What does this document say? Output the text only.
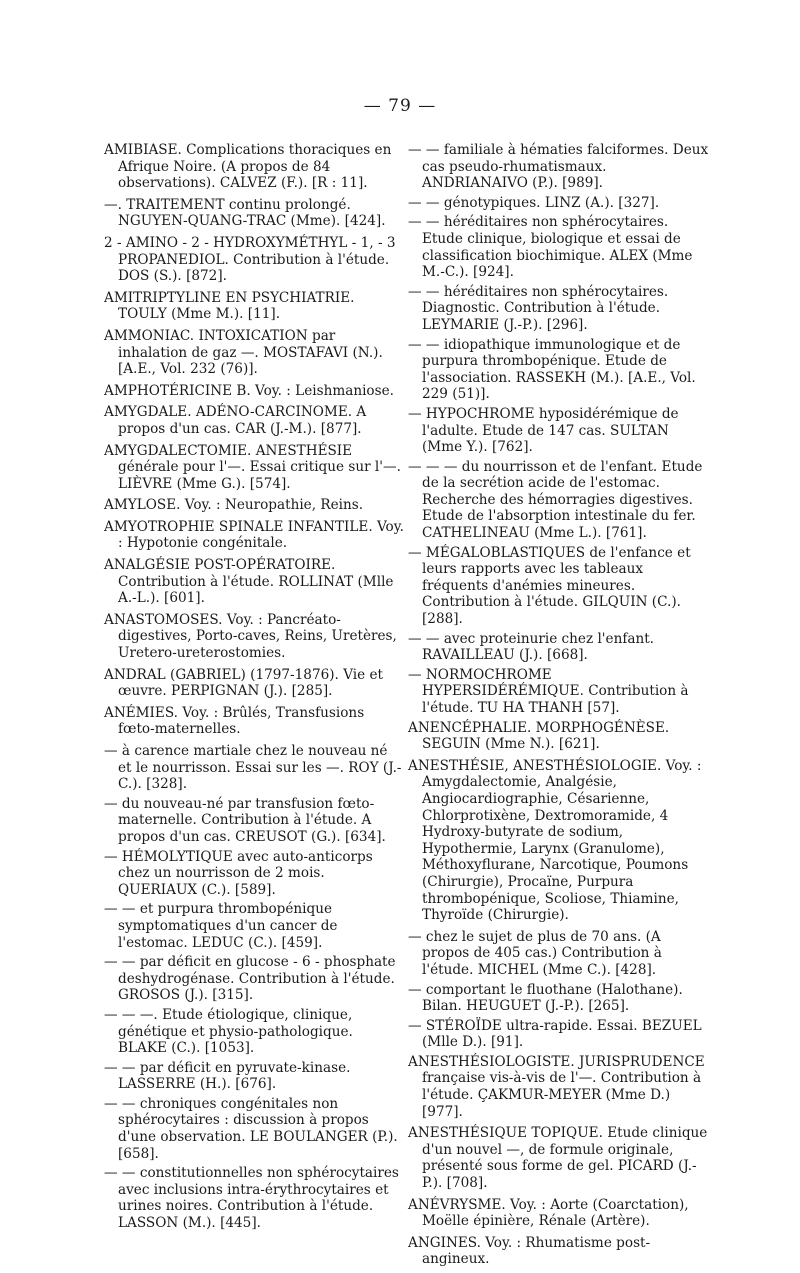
— 79 —

AMIBIASE. Complications thoraciques en Afrique Noire. (A propos de 84 observations). CALVEZ (F.). [R : 11].

—. TRAITEMENT continu prolongé. NGUYEN-QUANG-TRAC (Mme). [424].

2 - AMINO - 2 - HYDROXYMÉTHYL - 1, - 3 PROPANEDIOL. Contribution à l'étude. DOS (S.). [872].

AMITRIPTYLINE EN PSYCHIATRIE. TOULY (Mme M.). [11].

AMMONIAC. INTOXICATION par inhalation de gaz —. MOSTAFAVI (N.). [A.E., Vol. 232 (76)].

AMPHOTÉRICINE B. Voy. : Leishmaniose.

AMYGDALE. ADÉNO-CARCINOME. A propos d'un cas. CAR (J.-M.). [877].

AMYGDALECTOMIE. ANESTHÉSIE générale pour l'—. Essai critique sur l'—. LIÈVRE (Mme G.). [574].

AMYLOSE. Voy. : Neuropathie, Reins.

AMYOTROPHIE SPINALE INFANTILE. Voy. : Hypotonie congénitale.

ANALGÉSIE POST-OPÉRATOIRE. Contribution à l'étude. ROLLINAT (Mlle A.-L.). [601].

ANASTOMOSES. Voy. : Pancréato-digestives, Porto-caves, Reins, Uretères, Uretero-ureterostomies.

ANDRAL (GABRIEL) (1797-1876). Vie et œuvre. PERPIGNAN (J.). [285].

ANÉMIES. Voy. : Brûlés, Transfusions fœto-maternelles.

— à carence martiale chez le nouveau né et le nourrisson. Essai sur les —. ROY (J.-C.). [328].

— du nouveau-né par transfusion fœto-maternelle. Contribution à l'étude. A propos d'un cas. CREUSOT (G.). [634].

— HÉMOLYTIQUE avec auto-anticorps chez un nourrisson de 2 mois. QUERIAUX (C.). [589].

— — et purpura thrombopénique symptomatiques d'un cancer de l'estomac. LEDUC (C.). [459].

— — par déficit en glucose - 6 - phosphate deshydrogénase. Contribution à l'étude. GROSOS (J.). [315].

— — —. Etude étiologique, clinique, génétique et physio-pathologique. BLAKE (C.). [1053].

— — par déficit en pyruvate-kinase. LASSERRE (H.). [676].

— — chroniques congénitales non sphérocytaires : discussion à propos d'une observation. LE BOULANGER (P.). [658].

— — constitutionnelles non sphérocytaires avec inclusions intra-érythrocytaires et urines noires. Contribution à l'étude. LASSON (M.). [445].

— — familiale à hématies falciformes. Deux cas pseudo-rhumatismaux. ANDRIANAIVO (P.). [989].

— — génotypiques. LINZ (A.). [327].

— — héréditaires non sphérocytaires. Etude clinique, biologique et essai de classification biochimique. ALEX (Mme M.-C.). [924].

— — héréditaires non sphérocytaires. Diagnostic. Contribution à l'étude. LEYMARIE (J.-P.). [296].

— — idiopathique immunologique et de purpura thrombopénique. Etude de l'association. RASSEKH (M.). [A.E., Vol. 229 (51)].

— HYPOCHROME hyposidérémique de l'adulte. Etude de 147 cas. SULTAN (Mme Y.). [762].

— — — du nourrisson et de l'enfant. Etude de la secrétion acide de l'estomac. Recherche des hémorragies digestives. Etude de l'absorption intestinale du fer. CATHELINEAU (Mme L.). [761].

— MÉGALOBLASTIQUES de l'enfance et leurs rapports avec les tableaux fréquents d'anémies mineures. Contribution à l'étude. GILQUIN (C.). [288].

— — avec proteinurie chez l'enfant. RAVAILLEAU (J.). [668].

— NORMOCHROME HYPERSIDÉRÉMIQUE. Contribution à l'étude. TU HA THANH [57].

ANENCÉPHALIE. MORPHOGÉNÈSE. SEGUIN (Mme N.). [621].

ANESTHÉSIE, ANESTHÉSIOLOGIE. Voy. : Amygdalectomie, Analgésie, Angiocardiographie, Césarienne, Chlorprotixène, Dextromoramide, 4 Hydroxy-butyrate de sodium, Hypothermie, Larynx (Granulome), Méthoxyflurane, Narcotique, Poumons (Chirurgie), Procaïne, Purpura thrombopénique, Scoliose, Thiamine, Thyroïde (Chirurgie).

— chez le sujet de plus de 70 ans. (A propos de 405 cas.) Contribution à l'étude. MICHEL (Mme C.). [428].

— comportant le fluothane (Halothane). Bilan. HEUGUET (J.-P.). [265].

— STÉROÏDE ultra-rapide. Essai. BEZUEL (Mlle D.). [91].

ANESTHÉSIOLOGISTE. JURISPRUDENCE française vis-à-vis de l'—. Contribution à l'étude. ÇAKMUR-MEYER (Mme D.) [977].

ANESTHÉSIQUE TOPIQUE. Etude clinique d'un nouvel —, de formule originale, présenté sous forme de gel. PICARD (J.-P.). [708].

ANÉVRYSME. Voy. : Aorte (Coarctation), Moëlle épinière, Rénale (Artère).

ANGINES. Voy. : Rhumatisme post-angineux.
